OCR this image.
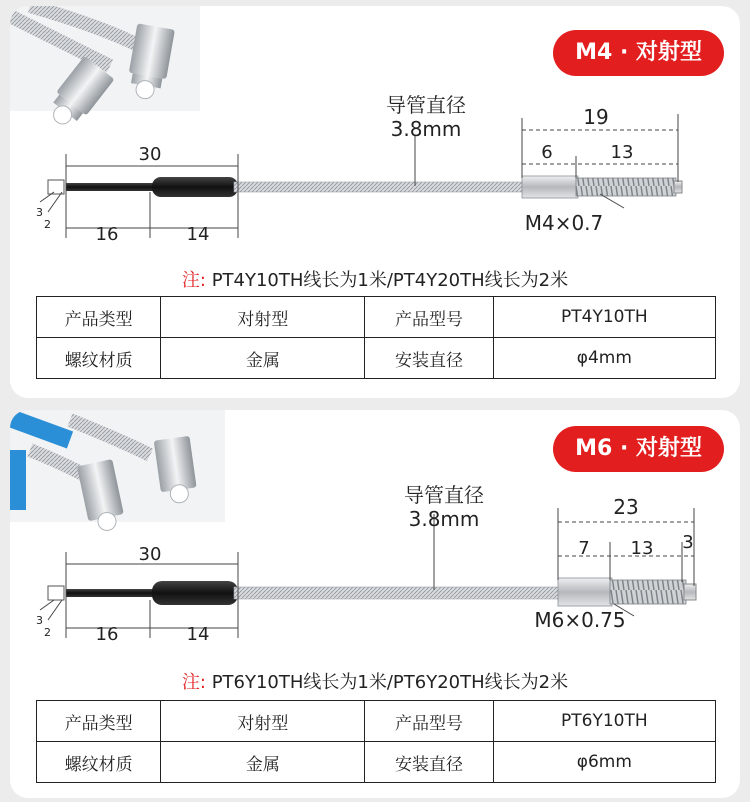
30
16	14
19
6	13
3
2
导管直径
3.8mm
M4×0.7
M4 · 对射型
注: PT4Y10TH线长为1米/PT4Y20TH线长为2米
产品类型	对射型	产品型号	PT4Y10TH
螺纹材质	金属	安装直径	φ4mm
30
16	14
23
7 13 3
3
2
导管直径
3.8mm
M6×0.75
M6 · 对射型
注: PT6Y10TH线长为1米/PT6Y20TH线长为2米
产品类型	对射型	产品型号	PT6Y10TH
螺纹材质	金属	安装直径	φ6mm
